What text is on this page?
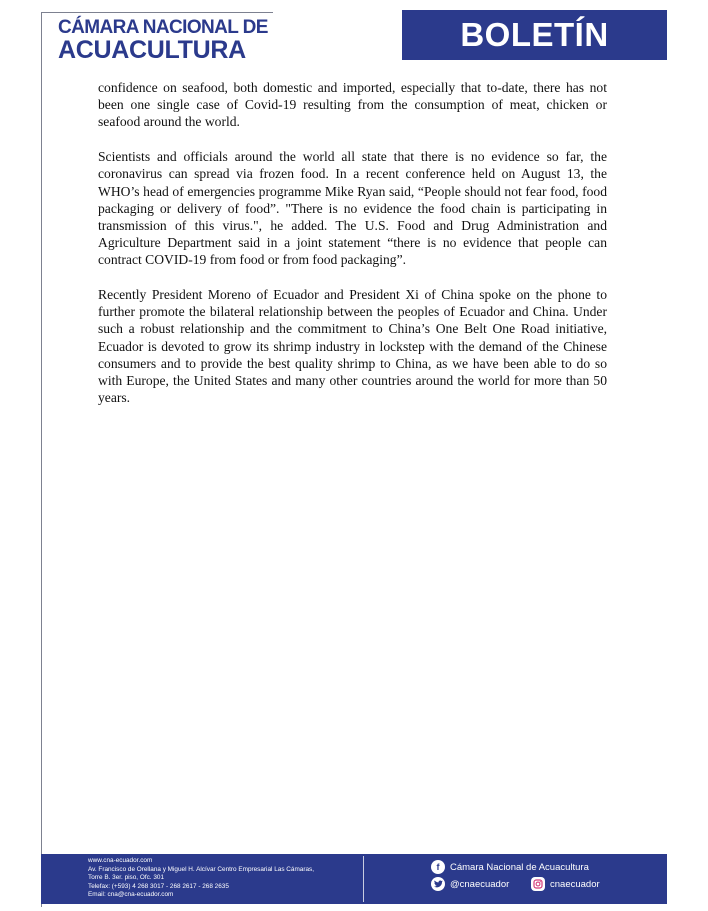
CÁMARA NACIONAL DE
ACUACULTURA	BOLETÍN

confidence on seafood, both domestic and imported, especially that to-date, there has not been one single case of Covid-19 resulting from the consumption of meat, chicken or seafood around the world.

Scientists and officials around the world all state that there is no evidence so far, the coronavirus can spread via frozen food. In a recent conference held on August 13, the WHO’s head of emergencies programme Mike Ryan said, “People should not fear food, food packaging or delivery of food”. "There is no evidence the food chain is participating in transmission of this virus.", he added. The U.S. Food and Drug Administration and Agriculture Department said in a joint statement “there is no evidence that people can contract COVID-19 from food or from food packaging”.

Recently President Moreno of Ecuador and President Xi of China spoke on the phone to further promote the bilateral relationship between the peoples of Ecuador and China. Under such a robust relationship and the commitment to China’s One Belt One Road initiative, Ecuador is devoted to grow its shrimp industry in lockstep with the demand of the Chinese consumers and to provide the best quality shrimp to China, as we have been able to do so with Europe, the United States and many other countries around the world for more than 50 years.

www.cna-ecuador.com
Av. Francisco de Orellana y Miguel H. Alcívar Centro Empresarial Las Cámaras,
Torre B. 3er. piso, Ofc. 301
Telefax: (+593) 4 268 3017 - 268 2617 - 268 2635
Email: cna@cna-ecuador.com
f	Cámara Nacional de Acuacultura
@cnaecuador	cnaecuador
